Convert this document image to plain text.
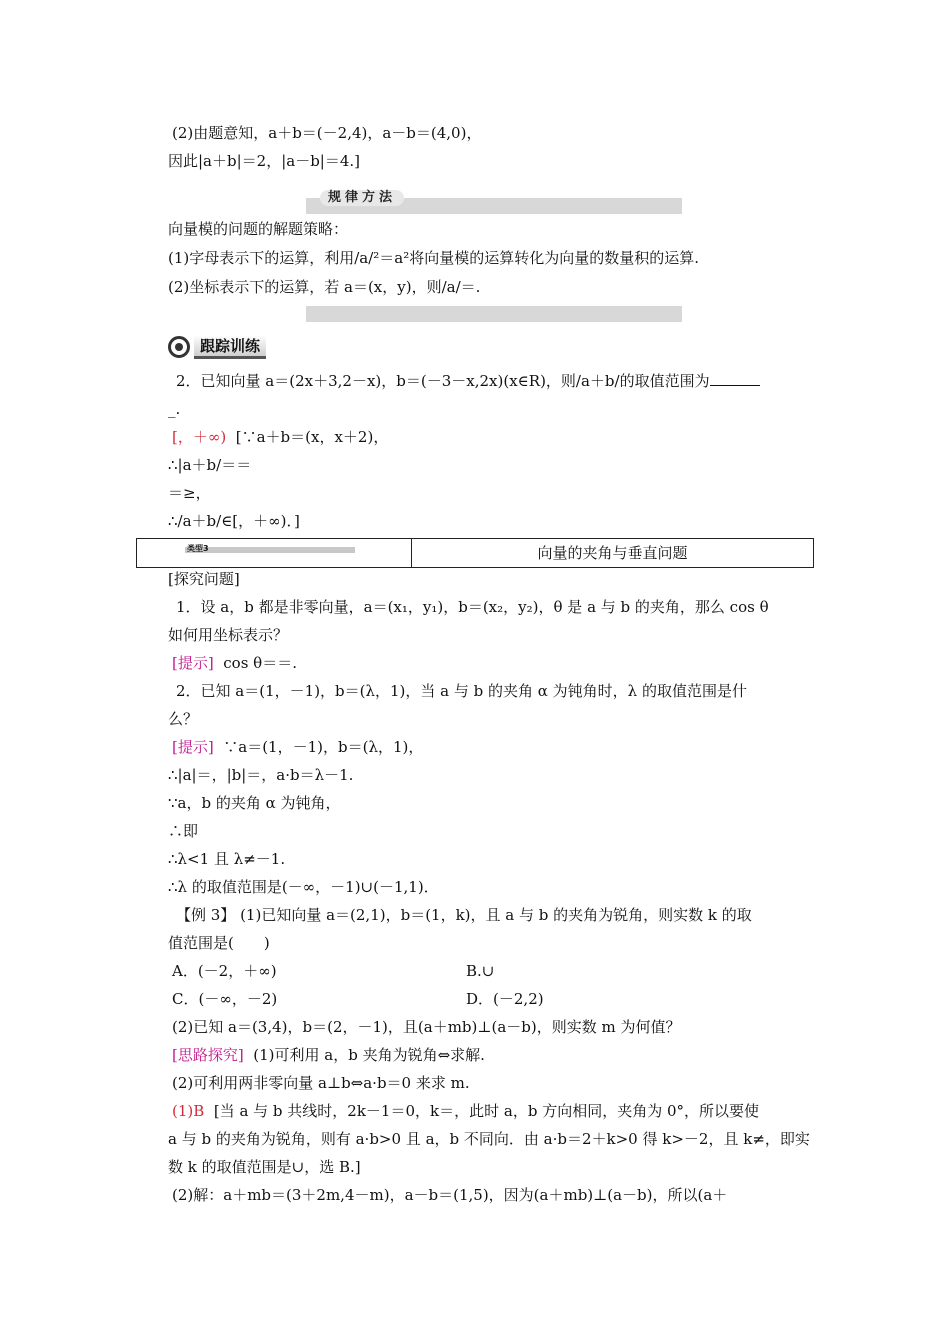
(2)由题意知，a＋b＝(－2,4)，a－b＝(4,0)，
因此|a＋b|＝2，|a－b|＝4.]
规律方法
向量模的问题的解题策略：
(1)字母表示下的运算，利用/a/²＝a²将向量模的运算转化为向量的数量积的运算.
(2)坐标表示下的运算，若 a＝(x，y)，则/a/＝.
跟踪训练
2．已知向量 a＝(2x＋3,2－x)，b＝(－3－x,2x)(x∈R)，则/a＋b/的取值范围为
_.
[，＋∞) [∵a＋b＝(x，x＋2)，
∴|a＋b/＝＝
＝≥，
∴/a＋b/∈[，＋∞)．]
类型3	向量的夹角与垂直问题
[探究问题]
1．设 a，b 都是非零向量，a＝(x₁，y₁)，b＝(x₂，y₂)，θ 是 a 与 b 的夹角，那么 cos θ
如何用坐标表示？
[提示] cos θ＝＝.
2．已知 a＝(1，－1)，b＝(λ，1)，当 a 与 b 的夹角 α 为钝角时，λ 的取值范围是什
么？
[提示] ∵a＝(1，－1)，b＝(λ，1)，
∴|a|＝，|b|＝，a·b＝λ－1.
∵a，b 的夹角 α 为钝角，
∴即
∴λ<1 且 λ≠－1.
∴λ 的取值范围是(－∞，－1)∪(－1,1)．
【例 3】 (1)已知向量 a＝(2,1)，b＝(1，k)，且 a 与 b 的夹角为锐角，则实数 k 的取
值范围是(　　)
A．(－2，＋∞)	B.∪
C．(－∞，－2)	D．(－2,2)
(2)已知 a＝(3,4)，b＝(2，－1)，且(a＋mb)⊥(a－b)，则实数 m 为何值？
[思路探究] (1)可利用 a，b 夹角为锐角⇔求解.
(2)可利用两非零向量 a⊥b⇔a·b＝0 来求 m.
(1)B [当 a 与 b 共线时，2k－1＝0，k＝，此时 a，b 方向相同，夹角为 0°，所以要使
a 与 b 的夹角为锐角，则有 a·b>0 且 a，b 不同向．由 a·b＝2＋k>0 得 k>－2，且 k≠，即实
数 k 的取值范围是∪，选 B.]
(2)解：a＋mb＝(3＋2m,4－m)，a－b＝(1,5)，因为(a＋mb)⊥(a－b)，所以(a＋
